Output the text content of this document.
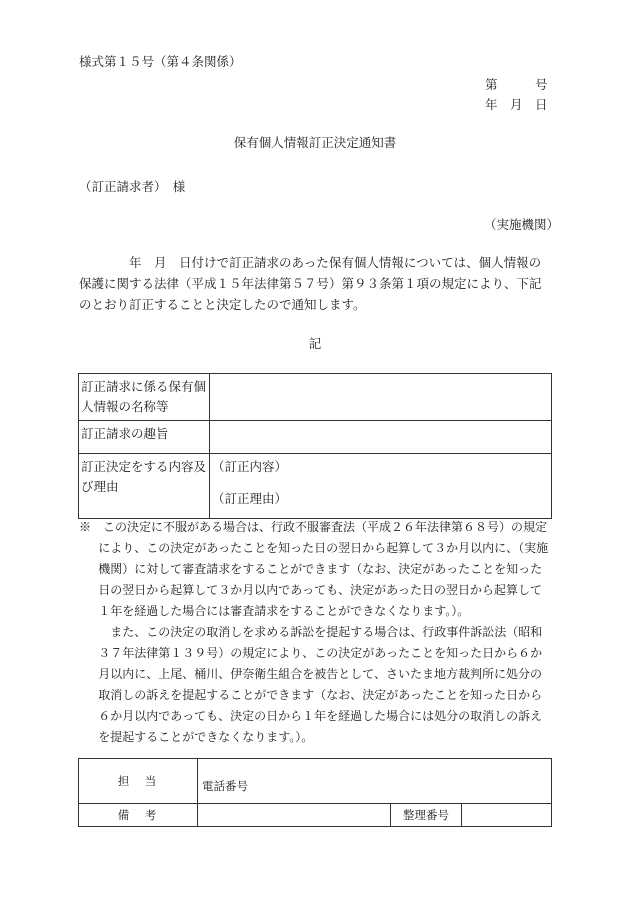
様式第１５号（第４条関係）
第　　　号
年　月　日
保有個人情報訂正決定通知書
（訂正請求者）　様
（実施機関）

年　月　日付けで訂正請求のあった保有個人情報については、個人情報の保護に関する法律（平成１５年法律第５７号）第９３条第１項の規定により、下記のとおり訂正することと決定したので通知します。

記
訂正請求に係る保有個人情報の名称等	
訂正請求の趣旨	
訂正決定をする内容及び理由	（訂正内容）
（訂正理由）

※　この決定に不服がある場合は、行政不服審査法（平成２６年法律第６８号）の規定により、この決定があったことを知った日の翌日から起算して３か月以内に、（実施機関）に対して審査請求をすることができます（なお、決定があったことを知った日の翌日から起算して３か月以内であっても、決定があった日の翌日から起算して１年を経過した場合には審査請求をすることができなくなります。）。

また、この決定の取消しを求める訴訟を提起する場合は、行政事件訴訟法（昭和３７年法律第１３９号）の規定により、この決定があったことを知った日から６か月以内に、上尾、桶川、伊奈衛生組合を被告として、さいたま地方裁判所に処分の取消しの訴えを提起することができます（なお、決定があったことを知った日から６か月以内であっても、決定の日から１年を経過した場合には処分の取消しの訴えを提起することができなくなります。）。

担　当	電話番号		
備　考		整理番号	
